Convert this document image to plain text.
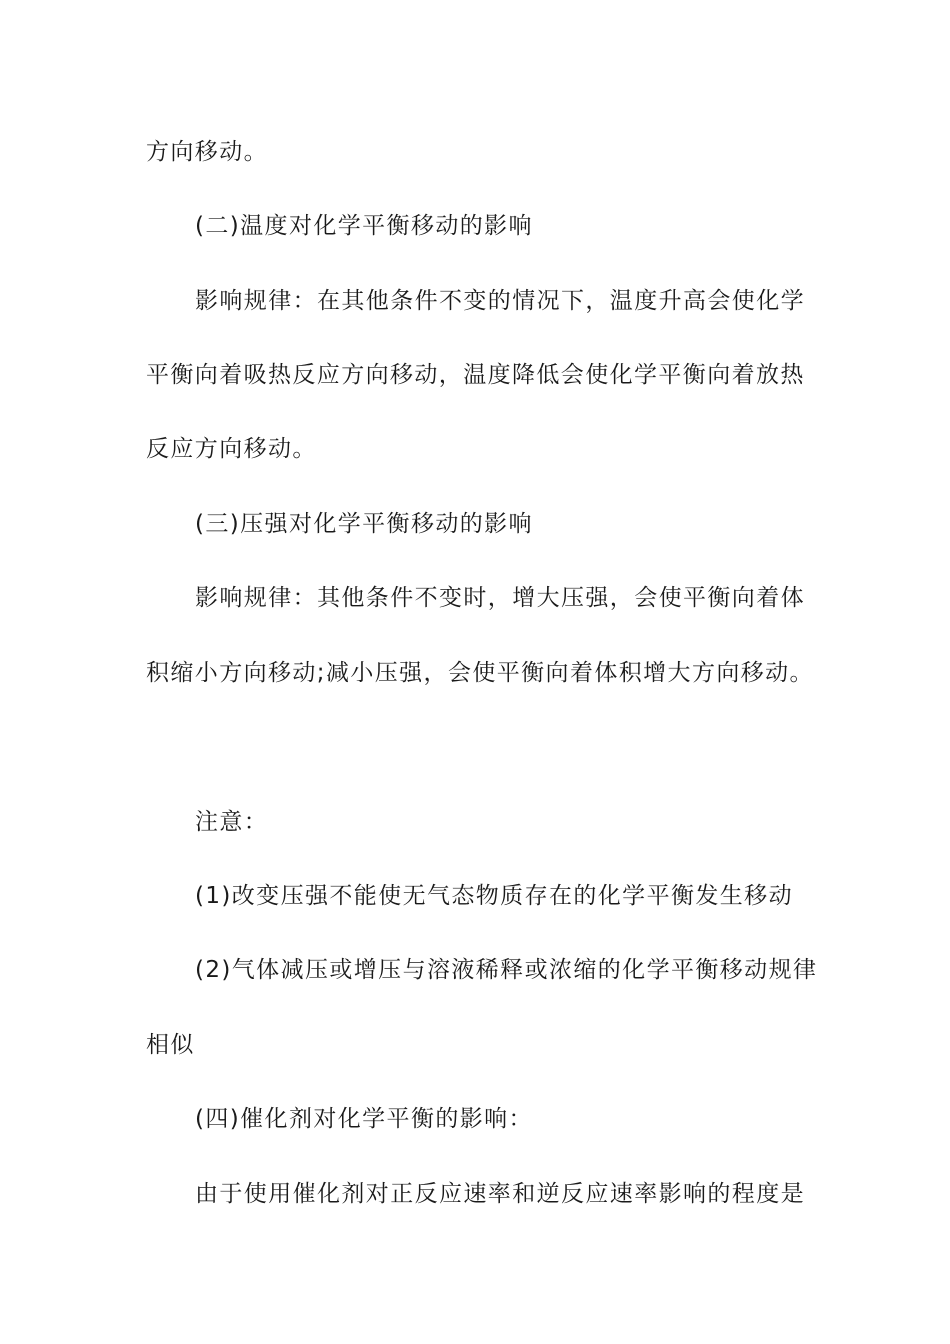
方向移动。
(二)温度对化学平衡移动的影响
影响规律：在其他条件不变的情况下，温度升高会使化学
平衡向着吸热反应方向移动，温度降低会使化学平衡向着放热
反应方向移动。
(三)压强对化学平衡移动的影响
影响规律：其他条件不变时，增大压强，会使平衡向着体
积缩小方向移动;减小压强，会使平衡向着体积增大方向移动。
注意：
(1)改变压强不能使无气态物质存在的化学平衡发生移动
(2)气体减压或增压与溶液稀释或浓缩的化学平衡移动规律
相似
(四)催化剂对化学平衡的影响：
由于使用催化剂对正反应速率和逆反应速率影响的程度是
